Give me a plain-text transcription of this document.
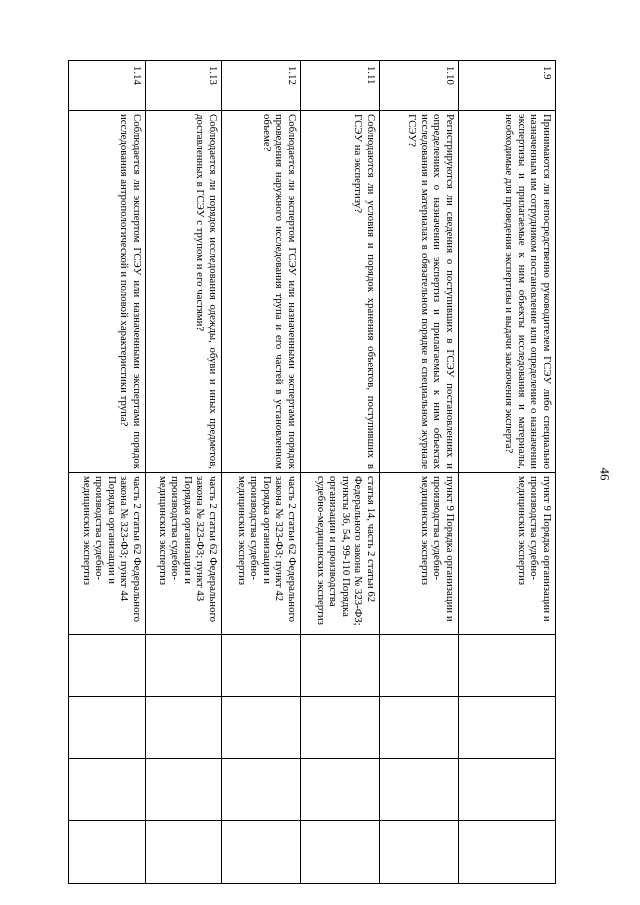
46
1.9	Принимаются ли непосредственно руководителем ГСЭУ либо специально назначенным им сотрудником постановление или определение о назначении экспертизы и прилагаемые к ним объекты исследования и материалы, необходимые для проведения экспертизы и выдачи заключения эксперта?	пункт 9 Порядка организации и производства судебно-медицинских экспертиз				
1.10	Регистрируются ли сведения о поступивших в ГСЭУ постановлениях и определениях о назначении экспертиз и прилагаемых к ним объектах исследования и материалах в обязательном порядке в специальном журнале ГСЭУ?	пункт 9 Порядка организации и производства судебно-медицинских экспертиз				
1.11	Соблюдаются ли условия и порядок хранения объектов, поступивших в ГСЭУ на экспертизу?	статья 14, часть 2 статьи 62 Федерального закона № 323-ФЗ; пункты 36, 54, 99-110 Порядка организации и производства судебно-медицинских экспертиз				
1.12	Соблюдается ли экспертом ГСЭУ или назначенными экспертами порядок проведения наружного исследования трупа и его частей в установленном объеме?	часть 2 статьи 62 Федерального закона № 323-ФЗ; пункт 42 Порядка организации и производства судебно-медицинских экспертиз				
1.13	Соблюдается ли порядок исследования одежды, обуви и иных предметов, доставленных в ГСЭУ с трупом и его частями?	часть 2 статьи 62 Федерального закона № 323-ФЗ; пункт 43 Порядка организации и производства судебно-медицинских экспертиз				
1.14	Соблюдается ли экспертом ГСЭУ или назначенными экспертами порядок исследования антропологической и половой характеристики трупа?	часть 2 статьи 62 Федерального закона № 323-ФЗ; пункт 44 Порядка организации и производства судебно-медицинских экспертиз				
